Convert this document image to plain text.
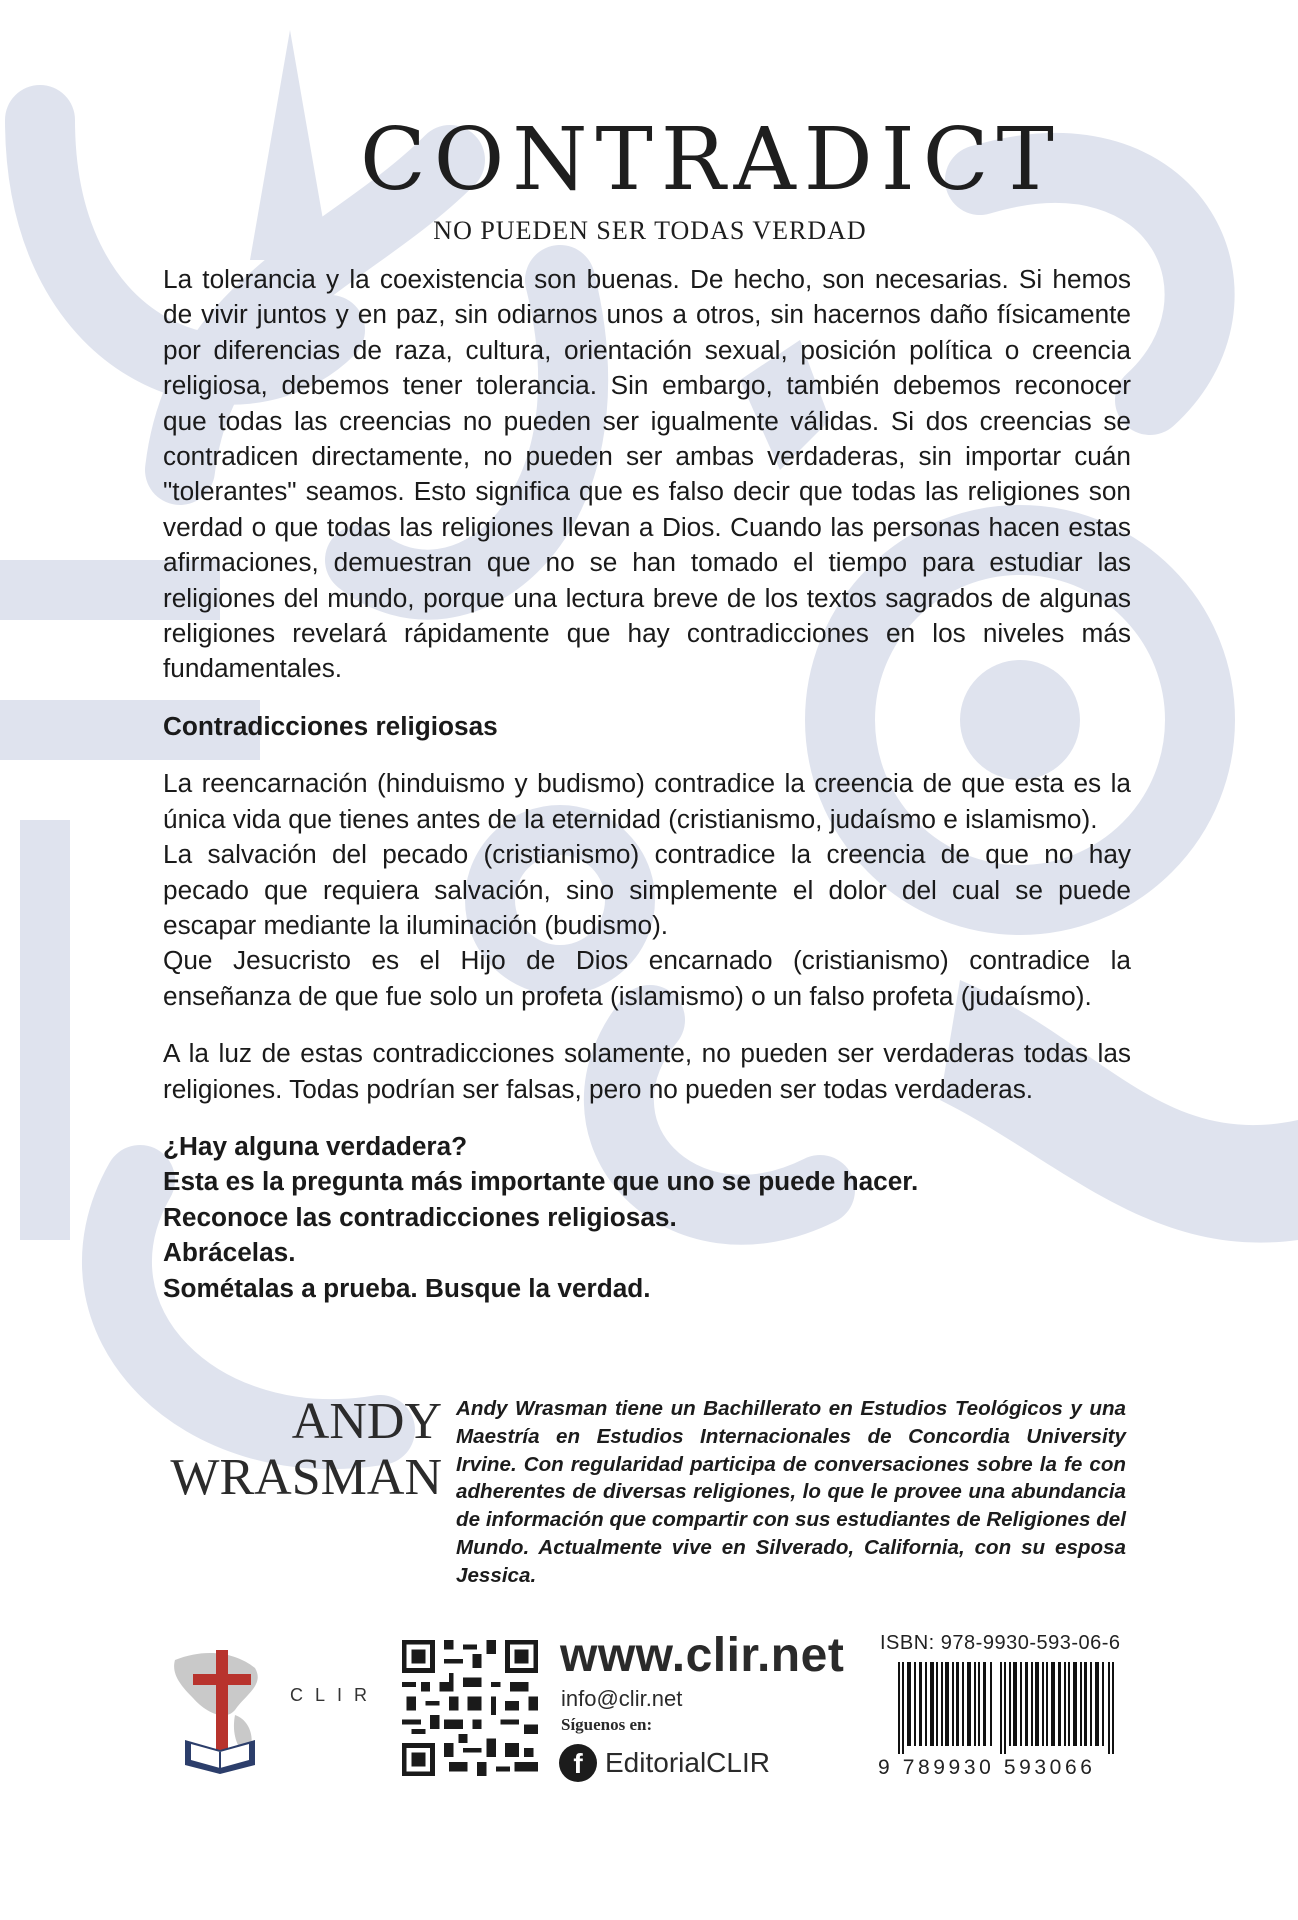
CONTRADICT
NO PUEDEN SER TODAS VERDAD

La tolerancia y la coexistencia son buenas. De hecho, son necesarias. Si hemos de vivir juntos y en paz, sin odiarnos unos a otros, sin hacernos daño físicamente por diferencias de raza, cultura, orientación sexual, posición política o creencia religiosa, debemos tener tolerancia. Sin embargo, también debemos reconocer que todas las creencias no pueden ser igualmente válidas. Si dos creencias se contradicen directamente, no pueden ser ambas verdaderas, sin importar cuán "tolerantes" seamos. Esto significa que es falso decir que todas las religiones son verdad o que todas las religiones llevan a Dios. Cuando las personas hacen estas afirmaciones, demuestran que no se han tomado el tiempo para estudiar las religiones del mundo, porque una lectura breve de los textos sagrados de algunas religiones revelará rápidamente que hay contradicciones en los niveles más fundamentales.

Contradicciones religiosas

La reencarnación (hinduismo y budismo) contradice la creencia de que esta es la única vida que tienes antes de la eternidad (cristianismo, judaísmo e islamismo).

La salvación del pecado (cristianismo) contradice la creencia de que no hay pecado que requiera salvación, sino simplemente el dolor del cual se puede escapar mediante la iluminación (budismo).

Que Jesucristo es el Hijo de Dios encarnado (cristianismo) contradice la enseñanza de que fue solo un profeta (islamismo) o un falso profeta (judaísmo).

A la luz de estas contradicciones solamente, no pueden ser verdaderas todas las religiones. Todas podrían ser falsas, pero no pueden ser todas verdaderas.

¿Hay alguna verdadera?

Esta es la pregunta más importante que uno se puede hacer.

Reconoce las contradicciones religiosas.

Abrácelas.

Sométalas a prueba. Busque la verdad.

ANDY
WRASMAN
Andy Wrasman tiene un Bachillerato en Estudios Teológicos y una Maestría en Estudios Internacionales de Concordia University Irvine. Con regularidad participa de conversaciones sobre la fe con adherentes de diversas religiones, lo que le provee una abundancia de información que compartir con sus estudiantes de Religiones del Mundo. Actualmente vive en Silverado, California, con su esposa Jessica.
CLIR
www.clir.net
info@clir.net
Síguenos en:
f EditorialCLIR
ISBN: 978-9930-593-06-6
9 789930 593066
